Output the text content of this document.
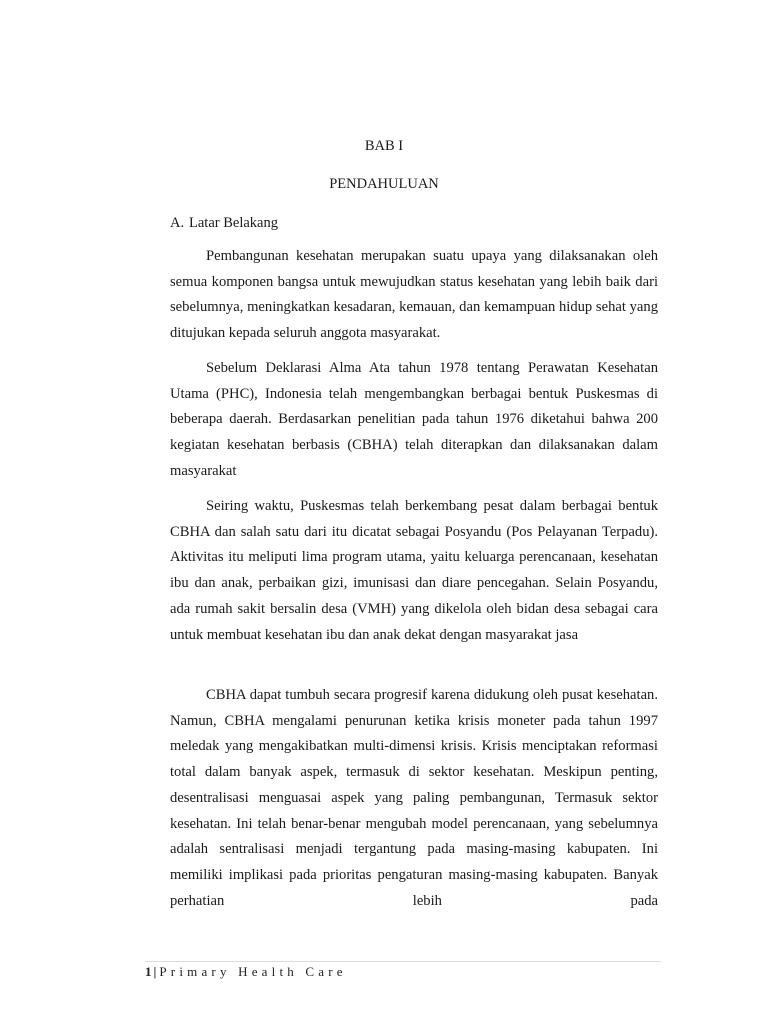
BAB I

PENDAHULUAN

A. Latar Belakang

Pembangunan kesehatan merupakan suatu upaya yang dilaksanakan oleh semua komponen bangsa untuk mewujudkan status kesehatan yang lebih baik dari sebelumnya, meningkatkan kesadaran, kemauan, dan kemampuan hidup sehat yang ditujukan kepada seluruh anggota masyarakat.

Sebelum Deklarasi Alma Ata tahun 1978 tentang Perawatan Kesehatan Utama (PHC), Indonesia telah mengembangkan berbagai bentuk Puskesmas di beberapa daerah. Berdasarkan penelitian pada tahun 1976 diketahui bahwa 200 kegiatan kesehatan berbasis (CBHA) telah diterapkan dan dilaksanakan dalam masyarakat

Seiring waktu, Puskesmas telah berkembang pesat dalam berbagai bentuk CBHA dan salah satu dari itu dicatat sebagai Posyandu (Pos Pelayanan Terpadu). Aktivitas itu meliputi lima program utama, yaitu keluarga perencanaan, kesehatan ibu dan anak, perbaikan gizi, imunisasi dan diare pencegahan. Selain Posyandu, ada rumah sakit bersalin desa (VMH) yang dikelola oleh bidan desa sebagai cara untuk membuat kesehatan ibu dan anak dekat dengan masyarakat jasa

CBHA dapat tumbuh secara progresif karena didukung oleh pusat kesehatan. Namun, CBHA mengalami penurunan ketika krisis moneter pada tahun 1997 meledak yang mengakibatkan multi-dimensi krisis. Krisis menciptakan reformasi total dalam banyak aspek, termasuk di sektor kesehatan. Meskipun penting, desentralisasi menguasai aspek yang paling pembangunan, Termasuk sektor kesehatan. Ini telah benar-benar mengubah model perencanaan, yang sebelumnya adalah sentralisasi menjadi tergantung pada masing-masing kabupaten. Ini memiliki implikasi pada prioritas pengaturan masing-masing kabupaten. Banyak perhatian lebih pada

1 | Primary Health Care
